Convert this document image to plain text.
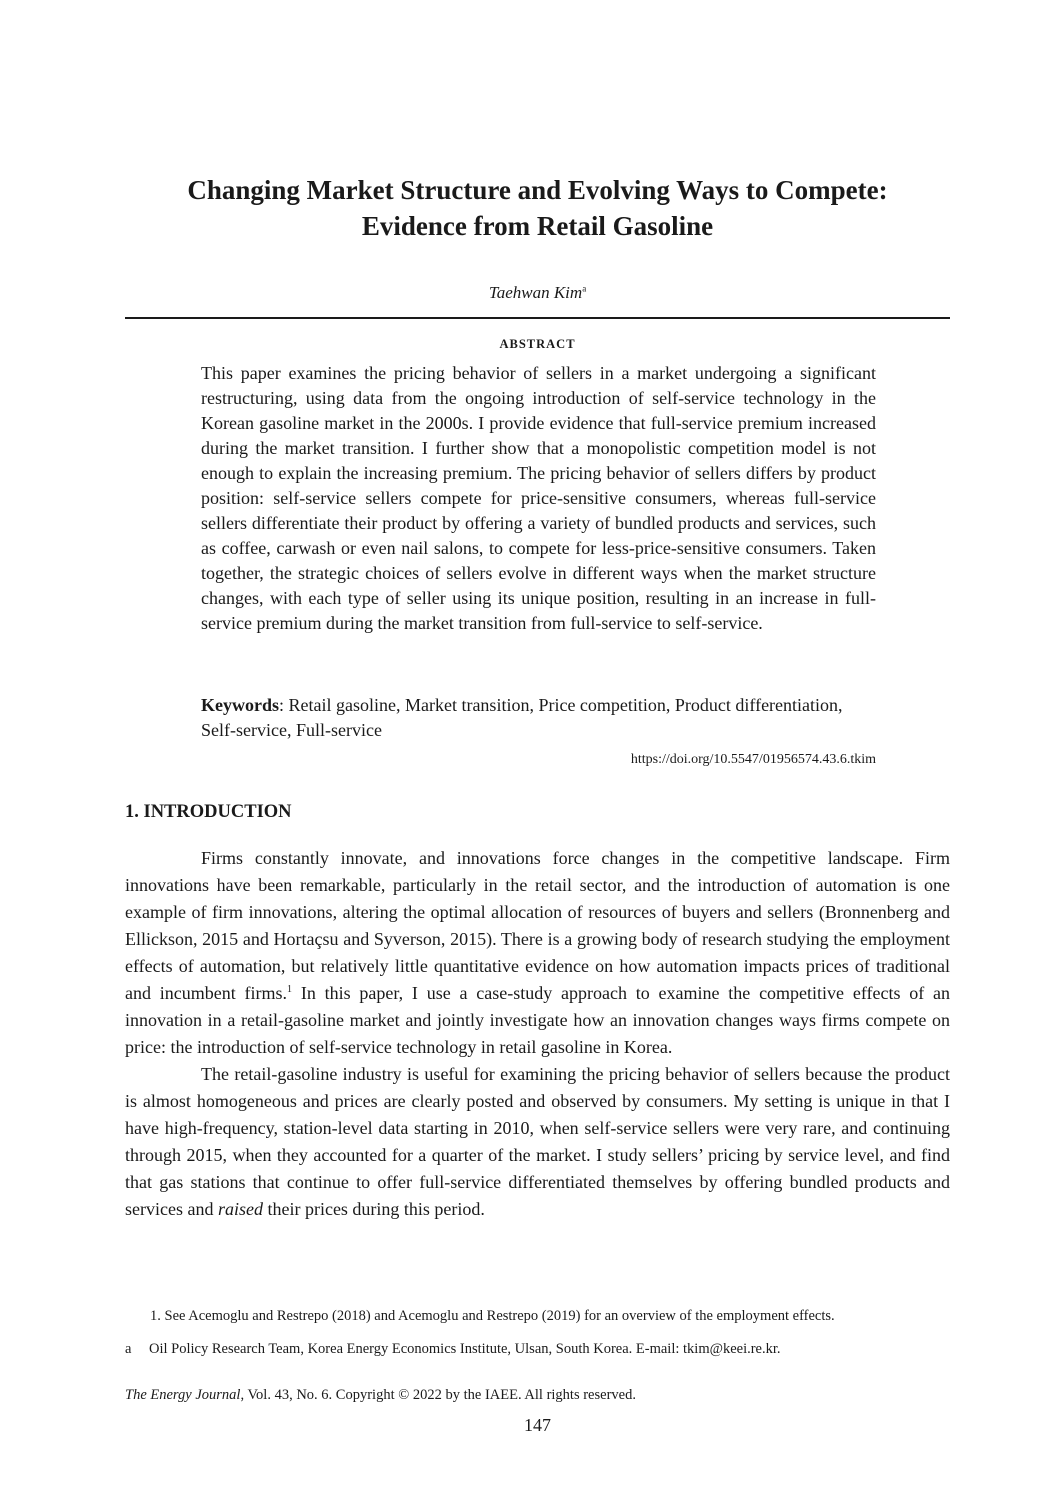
Changing Market Structure and Evolving Ways to Compete:
Evidence from Retail Gasoline
Taehwan Kim$^a$
ABSTRACT
This paper examines the pricing behavior of sellers in a market undergoing a significant restructuring, using data from the ongoing introduction of self-service technology in the Korean gasoline market in the 2000s. I provide evidence that full-service premium increased during the market transition. I further show that a monopolistic competition model is not enough to explain the increasing premium. The pricing behavior of sellers differs by product position: self-service sellers compete for price-sensitive consumers, whereas full-service sellers differentiate their product by offering a variety of bundled products and services, such as coffee, carwash or even nail salons, to compete for less-price-sensitive consumers. Taken together, the strategic choices of sellers evolve in different ways when the market structure changes, with each type of seller using its unique position, resulting in an increase in full-service premium during the market transition from full-service to self-service.
Keywords: Retail gasoline, Market transition, Price competition, Product differentiation, Self-service, Full-service
https://doi.org/10.5547/01956574.43.6.tkim
1. INTRODUCTION

Firms constantly innovate, and innovations force changes in the competitive landscape. Firm innovations have been remarkable, particularly in the retail sector, and the introduction of automation is one example of firm innovations, altering the optimal allocation of resources of buyers and sellers (Bronnenberg and Ellickson, 2015 and Hortaçsu and Syverson, 2015). There is a growing body of research studying the employment effects of automation, but relatively little quantitative evidence on how automation impacts prices of traditional and incumbent firms.$^1$ In this paper, I use a case-study approach to examine the competitive effects of an innovation in a retail-gasoline market and jointly investigate how an innovation changes ways firms compete on price: the introduction of self-service technology in retail gasoline in Korea.

The retail-gasoline industry is useful for examining the pricing behavior of sellers because the product is almost homogeneous and prices are clearly posted and observed by consumers. My setting is unique in that I have high-frequency, station-level data starting in 2010, when self-service sellers were very rare, and continuing through 2015, when they accounted for a quarter of the market. I study sellers’ pricing by service level, and find that gas stations that continue to offer full-service differentiated themselves by offering bundled products and services and raised their prices during this period.

1. See Acemoglu and Restrepo (2018) and Acemoglu and Restrepo (2019) for an overview of the employment effects.
a Oil Policy Research Team, Korea Energy Economics Institute, Ulsan, South Korea. E-mail: tkim@keei.re.kr.
The Energy Journal, Vol. 43, No. 6. Copyright © 2022 by the IAEE. All rights reserved.
147
